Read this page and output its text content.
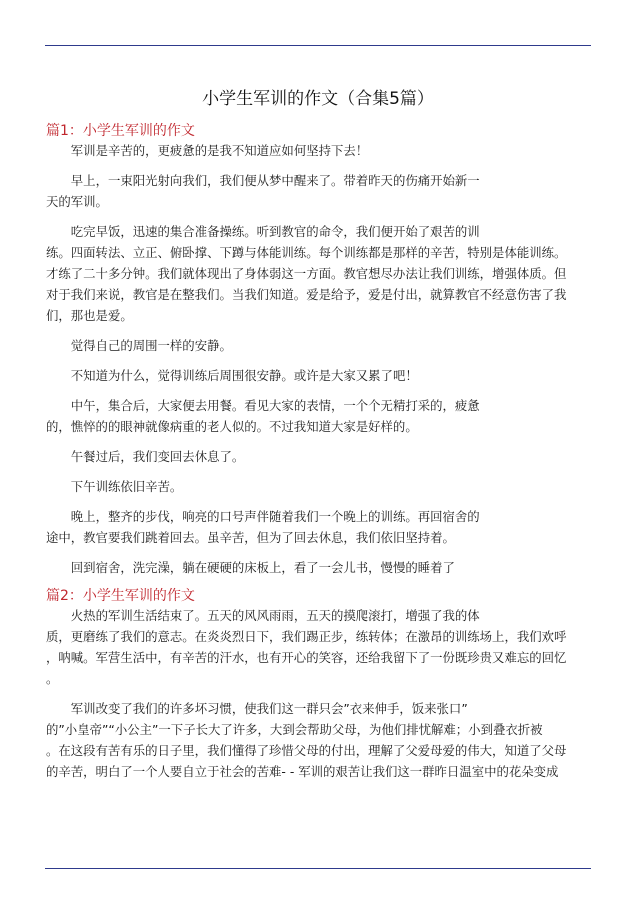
小学生军训的作文（合集5篇）
篇1：小学生军训的作文

军训是辛苦的，更疲惫的是我不知道应如何坚持下去！

早上，一束阳光射向我们，我们便从梦中醒来了。带着昨天的伤痛开始新一
天的军训。

吃完早饭，迅速的集合准备操练。听到教官的命令，我们便开始了艰苦的训
练。四面转法、立正、俯卧撑、下蹲与体能训练。每个训练都是那样的辛苦，特别是体能训练。
才练了二十多分钟。我们就体现出了身体弱这一方面。教官想尽办法让我们训练，增强体质。但
对于我们来说，教官是在整我们。当我们知道。爱是给予，爱是付出，就算教官不经意伤害了我
们，那也是爱。

觉得自己的周围一样的安静。

不知道为什么，觉得训练后周围很安静。或许是大家又累了吧！

中午，集合后，大家便去用餐。看见大家的表情，一个个无精打采的，疲惫
的，憔悴的的眼神就像病重的老人似的。不过我知道大家是好样的。

午餐过后，我们变回去休息了。

下午训练依旧辛苦。

晚上，整齐的步伐，响亮的口号声伴随着我们一个晚上的训练。再回宿舍的
途中，教官要我们跳着回去。虽辛苦，但为了回去休息，我们依旧坚持着。

回到宿舍，洗完澡，躺在硬硬的床板上，看了一会儿书，慢慢的睡着了

篇2：小学生军训的作文

火热的军训生活结束了。五天的风风雨雨，五天的摸爬滚打，增强了我的体
质，更磨练了我们的意志。在炎炎烈日下，我们踢正步，练转体；在激昂的训练场上，我们欢呼
，呐喊。军营生活中，有辛苦的汗水，也有开心的笑容，还给我留下了一份既珍贵又难忘的回忆
。

军训改变了我们的许多坏习惯，使我们这一群只会”衣来伸手，饭来张口”
的”小皇帝”“小公主”一下子长大了许多，大到会帮助父母，为他们排忧解难；小到叠衣折被
。在这段有苦有乐的日子里，我们懂得了珍惜父母的付出，理解了父爱母爱的伟大，知道了父母
的辛苦，明白了一个人要自立于社会的苦难- - 军训的艰苦让我们这一群昨日温室中的花朵变成
